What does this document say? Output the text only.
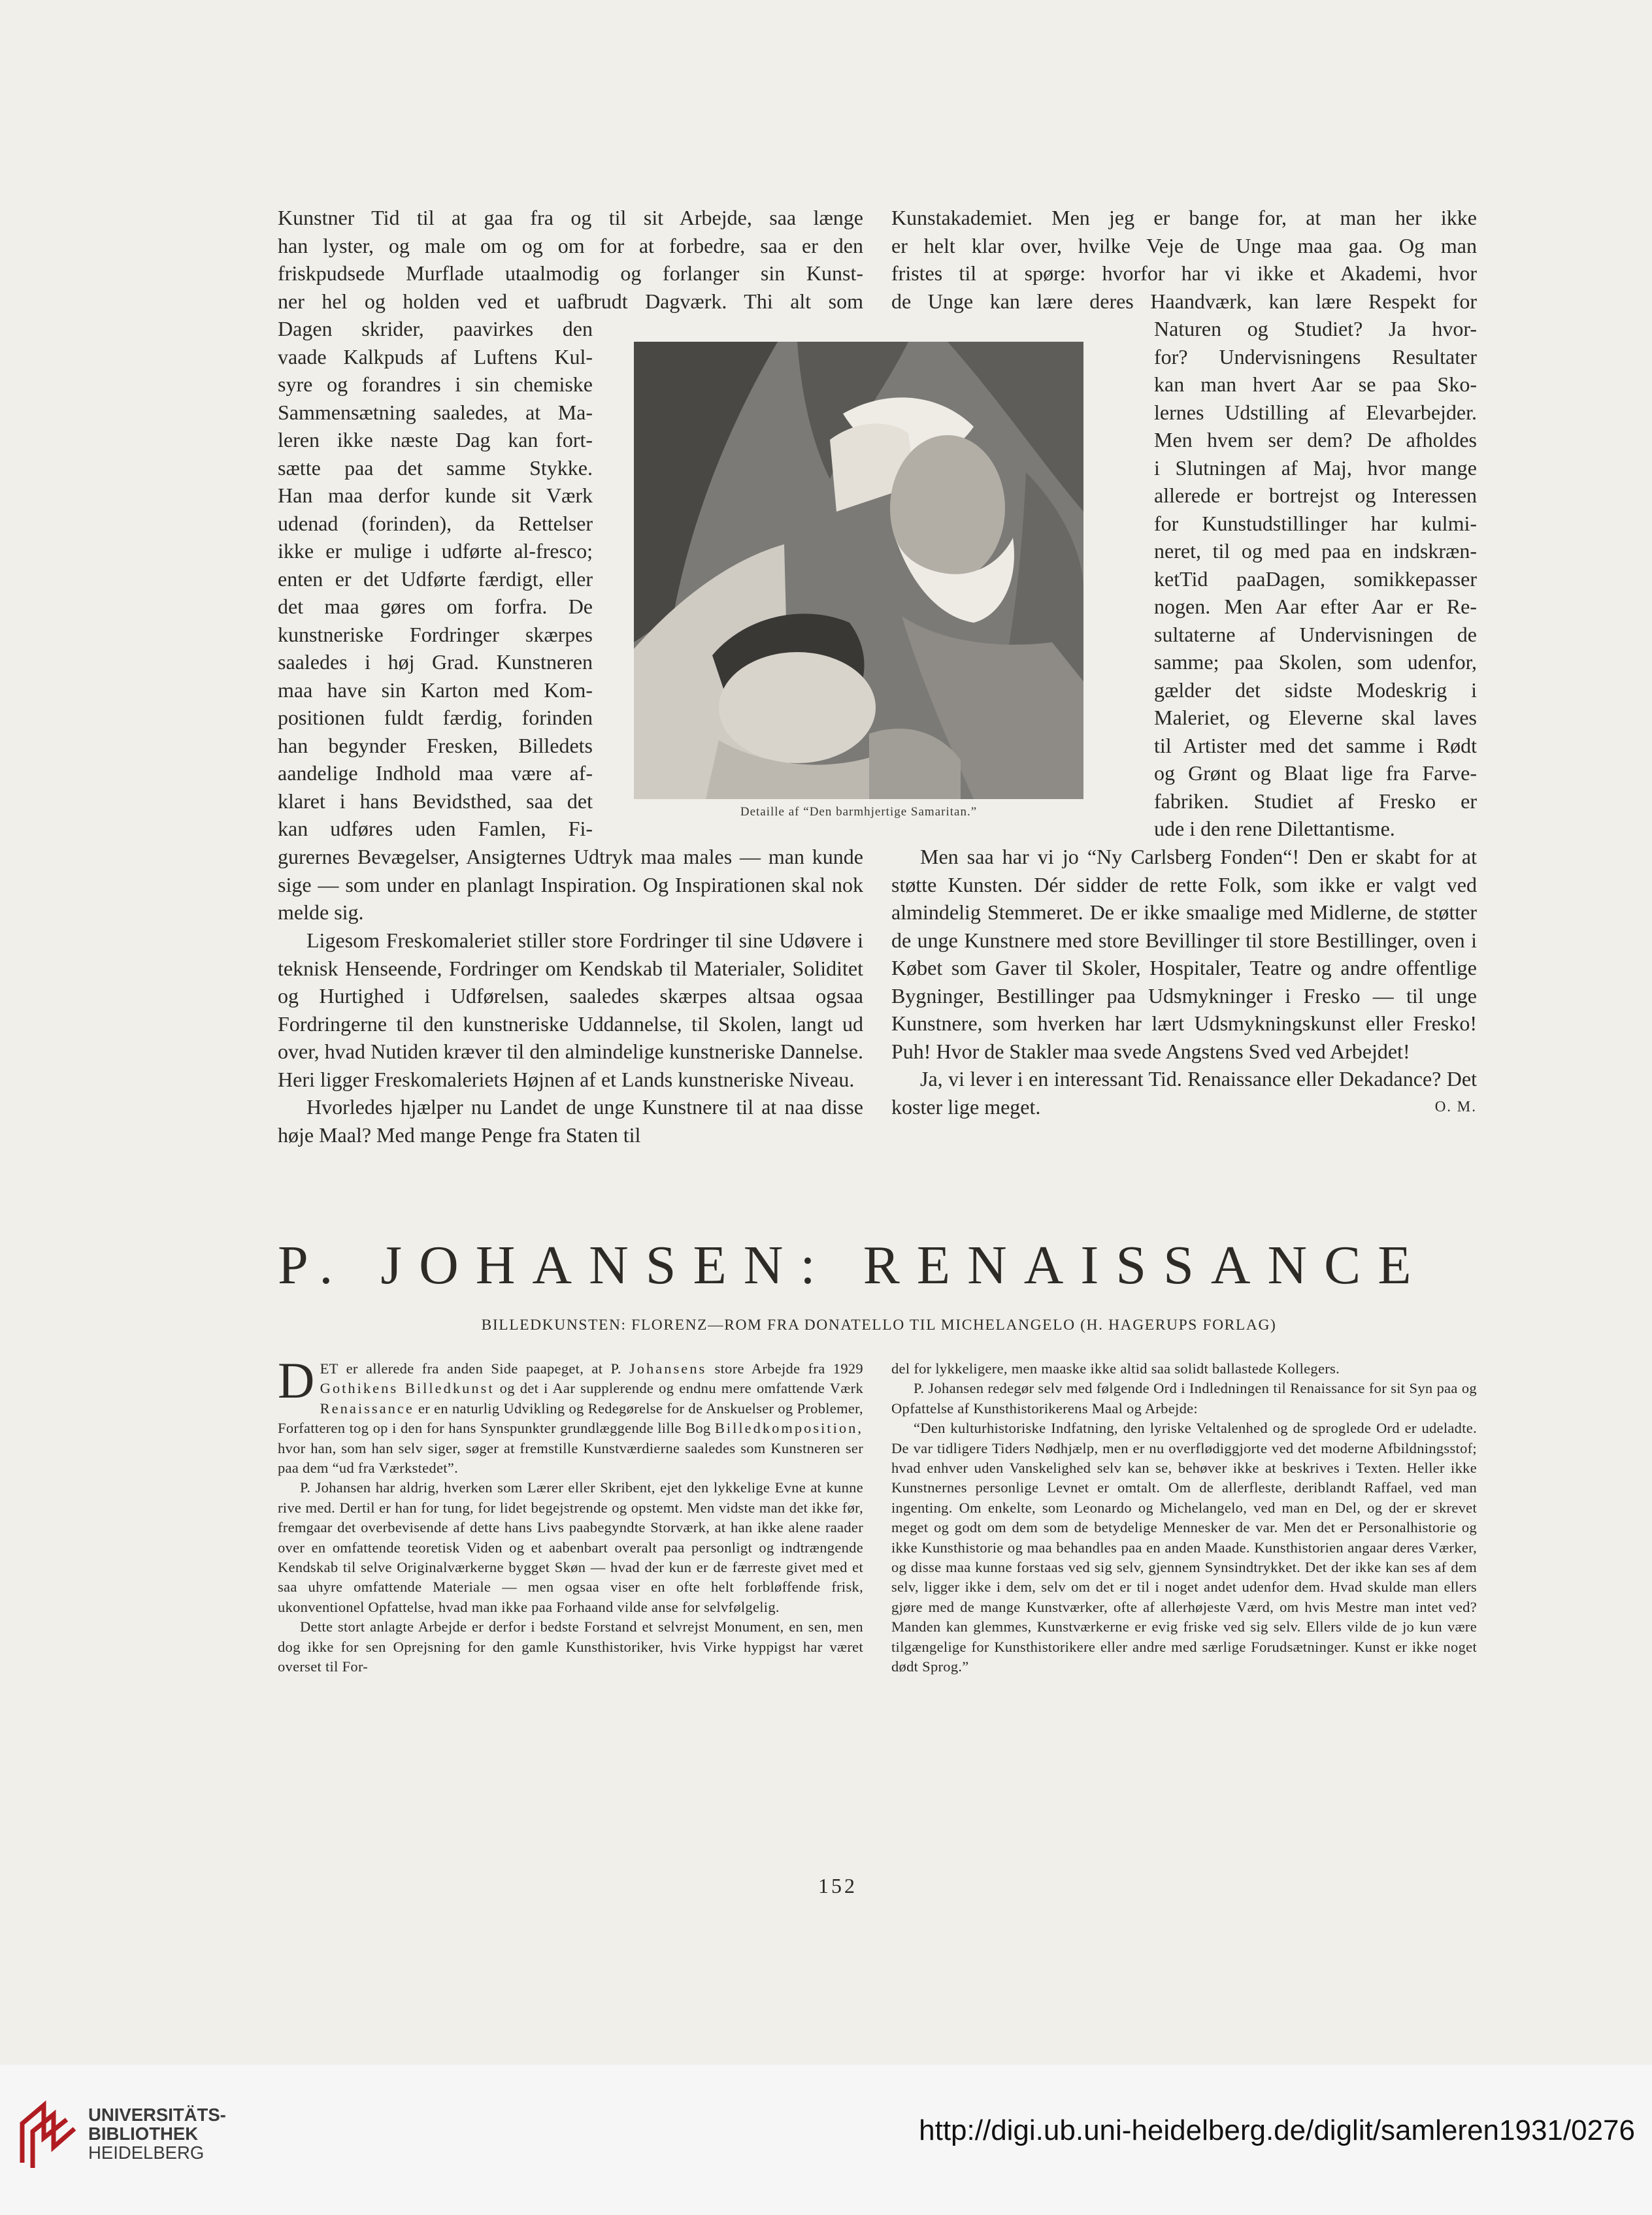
Kunstner Tid til at gaa fra og til sit Arbejde, saa længe
han lyster, og male om og om for at forbedre, saa er den
friskpudsede Murflade utaalmodig og forlanger sin Kunst-
ner hel og holden ved et uafbrudt Dagværk. Thi alt som
Dagen skrider, paavirkes den
vaade Kalkpuds af Luftens Kul-
syre og forandres i sin chemiske
Sammensætning saaledes, at Ma-
leren ikke næste Dag kan fort-
sætte paa det samme Stykke.
Han maa derfor kunde sit Værk
udenad (forinden), da Rettelser
ikke er mulige i udførte al-fresco;
enten er det Udførte færdigt, eller
det maa gøres om forfra. De
kunstneriske Fordringer skærpes
saaledes i høj Grad. Kunstneren
maa have sin Karton med Kom-
positionen fuldt færdig, forinden
han begynder Fresken, Billedets
aandelige Indhold maa være af-
klaret i hans Bevidsthed, saa det
kan udføres uden Famlen, Fi-

gurernes Bevægelser, Ansigternes Udtryk maa males — man kunde sige — som under en planlagt Inspiration. Og Inspirationen skal nok melde sig.

Ligesom Freskomaleriet stiller store Fordringer til sine Udøvere i teknisk Henseende, Fordringer om Kendskab til Materialer, Soliditet og Hurtighed i Udførelsen, saaledes skærpes altsaa ogsaa Fordringerne til den kunstneriske Uddannelse, til Skolen, langt ud over, hvad Nutiden kræver til den almindelige kunstneriske Dannelse. Heri ligger Freskomaleriets Højnen af et Lands kunstneriske Niveau.

Hvorledes hjælper nu Landet de unge Kunstnere til at naa disse høje Maal? Med mange Penge fra Staten til

Kunstakademiet. Men jeg er bange for, at man her ikke
er helt klar over, hvilke Veje de Unge maa gaa. Og man
fristes til at spørge: hvorfor har vi ikke et Akademi, hvor
de Unge kan lære deres Haandværk, kan lære Respekt for
Naturen og Studiet? Ja hvor-
for? Undervisningens Resultater
kan man hvert Aar se paa Sko-
lernes Udstilling af Elevarbejder.
Men hvem ser dem? De afholdes
i Slutningen af Maj, hvor mange
allerede er bortrejst og Interessen
for Kunstudstillinger har kulmi-
neret, til og med paa en indskræn-
ketTid paaDagen, somikkepasser
nogen. Men Aar efter Aar er Re-
sultaterne af Undervisningen de
samme; paa Skolen, som udenfor,
gælder det sidste Modeskrig i
Maleriet, og Eleverne skal laves
til Artister med det samme i Rødt
og Grønt og Blaat lige fra Farve-
fabriken. Studiet af Fresko er
ude i den rene Dilettantisme.

Men saa har vi jo “Ny Carlsberg Fonden“! Den er skabt for at støtte Kunsten. Dér sidder de rette Folk, som ikke er valgt ved almindelig Stemmeret. De er ikke smaalige med Midlerne, de støtter de unge Kunstnere med store Bevillinger til store Bestillinger, oven i Købet som Gaver til Skoler, Hospitaler, Teatre og andre offentlige Bygninger, Bestillinger paa Udsmykninger i Fresko — til unge Kunstnere, som hverken har lært Udsmykningskunst eller Fresko! Puh! Hvor de Stakler maa svede Angstens Sved ved Arbejdet!

Ja, vi lever i en interessant Tid. Renaissance eller Dekadance? Det koster lige meget.	O. M.

Detaille af “Den barmhjertige Samaritan.”
P. JOHANSEN: RENAISSANCE
BILLEDKUNSTEN: FLORENZ—ROM FRA DONATELLO TIL MICHELANGELO (H. HAGERUPS FORLAG)

DET er allerede fra anden Side paapeget, at P. Johansens store Arbejde fra 1929 Gothikens Billedkunst og det i Aar supplerende og endnu mere omfattende Værk Renaissance er en naturlig Udvikling og Redegørelse for de Anskuelser og Problemer, Forfatteren tog op i den for hans Synspunkter grundlæggende lille Bog Billedkomposition, hvor han, som han selv siger, søger at fremstille Kunstværdierne saaledes som Kunstneren ser paa dem “ud fra Værkstedet”.

P. Johansen har aldrig, hverken som Lærer eller Skribent, ejet den lykkelige Evne at kunne rive med. Dertil er han for tung, for lidet begejstrende og opstemt. Men vidste man det ikke før, fremgaar det overbevisende af dette hans Livs paabegyndte Storværk, at han ikke alene raader over en omfattende teoretisk Viden og et aabenbart overalt paa personligt og indtrængende Kendskab til selve Originalværkerne bygget Skøn — hvad der kun er de færreste givet med et saa uhyre omfattende Materiale — men ogsaa viser en ofte helt forbløffende frisk, ukonventionel Opfattelse, hvad man ikke paa Forhaand vilde anse for selvfølgelig.

Dette stort anlagte Arbejde er derfor i bedste Forstand et selvrejst Monument, en sen, men dog ikke for sen Oprejsning for den gamle Kunsthistoriker, hvis Virke hyppigst har været overset til For-

del for lykkeligere, men maaske ikke altid saa solidt ballastede Kollegers.

P. Johansen redegør selv med følgende Ord i Indledningen til Renaissance for sit Syn paa og Opfattelse af Kunsthistorikerens Maal og Arbejde:

“Den kulturhistoriske Indfatning, den lyriske Veltalenhed og de sproglede Ord er udeladte. De var tidligere Tiders Nødhjælp, men er nu overflødiggjorte ved det moderne Afbildningsstof; hvad enhver uden Vanskelighed selv kan se, behøver ikke at beskrives i Texten. Heller ikke Kunstnernes personlige Levnet er omtalt. Om de allerfleste, deriblandt Raffael, ved man ingenting. Om enkelte, som Leonardo og Michelangelo, ved man en Del, og der er skrevet meget og godt om dem som de betydelige Mennesker de var. Men det er Personalhistorie og ikke Kunsthistorie og maa behandles paa en anden Maade. Kunsthistorien angaar deres Værker, og disse maa kunne forstaas ved sig selv, gjennem Synsindtrykket. Det der ikke kan ses af dem selv, ligger ikke i dem, selv om det er til i noget andet udenfor dem. Hvad skulde man ellers gjøre med de mange Kunstværker, ofte af allerhøjeste Værd, om hvis Mestre man intet ved? Manden kan glemmes, Kunstværkerne er evig friske ved sig selv. Ellers vilde de jo kun være tilgængelige for Kunsthistorikere eller andre med særlige Forudsætninger. Kunst er ikke noget dødt Sprog.”

152
UNIVERSITÄTS-
BIBLIOTHEK
HEIDELBERG
http://digi.ub.uni-heidelberg.de/diglit/samleren1931/0276
